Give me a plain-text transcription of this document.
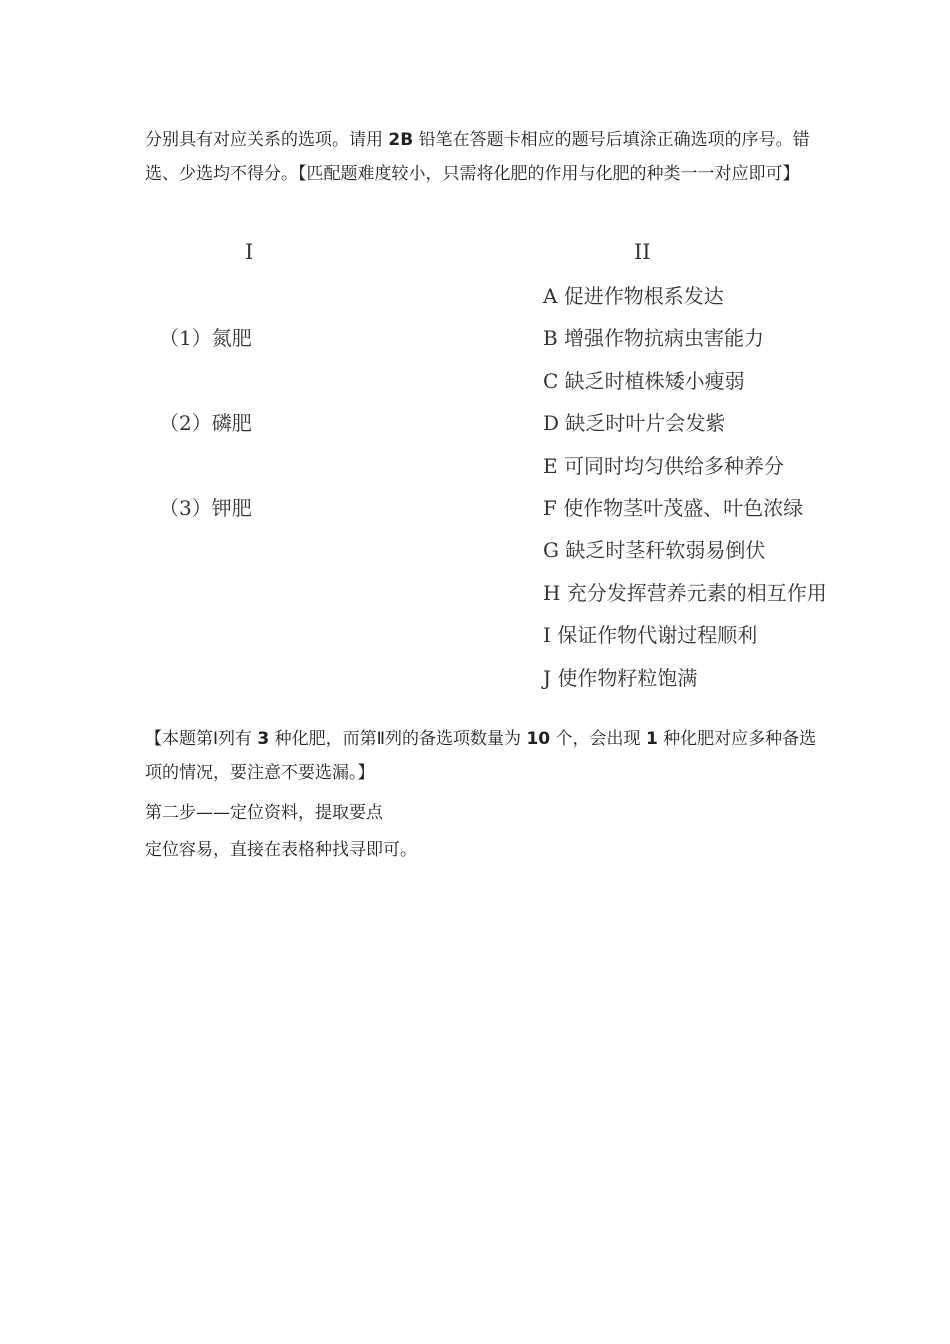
分别具有对应关系的选项。请用 2B 铅笔在答题卡相应的题号后填涂正确选项的序号。错选、少选均不得分。【匹配题难度较小，只需将化肥的作用与化肥的种类一一对应即可】

I	II
（1）氮肥
（2）磷肥
（3）钾肥
A 促进作物根系发达
B 增强作物抗病虫害能力
C 缺乏时植株矮小瘦弱
D 缺乏时叶片会发紫
E 可同时均匀供给多种养分
F 使作物茎叶茂盛、叶色浓绿
G 缺乏时茎秆软弱易倒伏
H 充分发挥营养元素的相互作用
I 保证作物代谢过程顺利
J 使作物籽粒饱满

【本题第Ⅰ列有 3 种化肥，而第Ⅱ列的备选项数量为 10 个，会出现 1 种化肥对应多种备选项的情况，要注意不要选漏。】

第二步——定位资料，提取要点

定位容易，直接在表格种找寻即可。
